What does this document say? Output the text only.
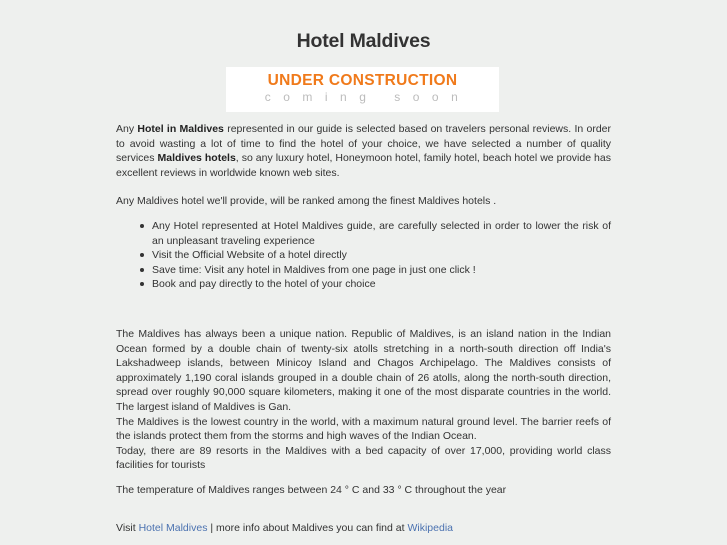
Hotel Maldives
UNDER CONSTRUCTION
coming soon

Any Hotel in Maldives represented in our guide is selected based on travelers personal reviews. In order to avoid wasting a lot of time to find the hotel of your choice, we have selected a number of quality services Maldives hotels, so any luxury hotel, Honeymoon hotel, family hotel, beach hotel we provide has excellent reviews in worldwide known web sites.

Any Maldives hotel we'll provide, will be ranked among the finest Maldives hotels .

Any Hotel represented at Hotel Maldives guide, are carefully selected in order to lower the risk of an unpleasant traveling experience
Visit the Official Website of a hotel directly
Save time: Visit any hotel in Maldives from one page in just one click !
Book and pay directly to the hotel of your choice

The Maldives has always been a unique nation. Republic of Maldives, is an island nation in the Indian Ocean formed by a double chain of twenty-six atolls stretching in a north-south direction off India's Lakshadweep islands, between Minicoy Island and Chagos Archipelago. The Maldives consists of approximately 1,190 coral islands grouped in a double chain of 26 atolls, along the north-south direction, spread over roughly 90,000 square kilometers, making it one of the most disparate countries in the world. The largest island of Maldives is Gan.

The Maldives is the lowest country in the world, with a maximum natural ground level. The barrier reefs of the islands protect them from the storms and high waves of the Indian Ocean.

Today, there are 89 resorts in the Maldives with a bed capacity of over 17,000, providing world class facilities for tourists

The temperature of Maldives ranges between 24 ° C and 33 ° C throughout the year

Visit Hotel Maldives | more info about Maldives you can find at Wikipedia
